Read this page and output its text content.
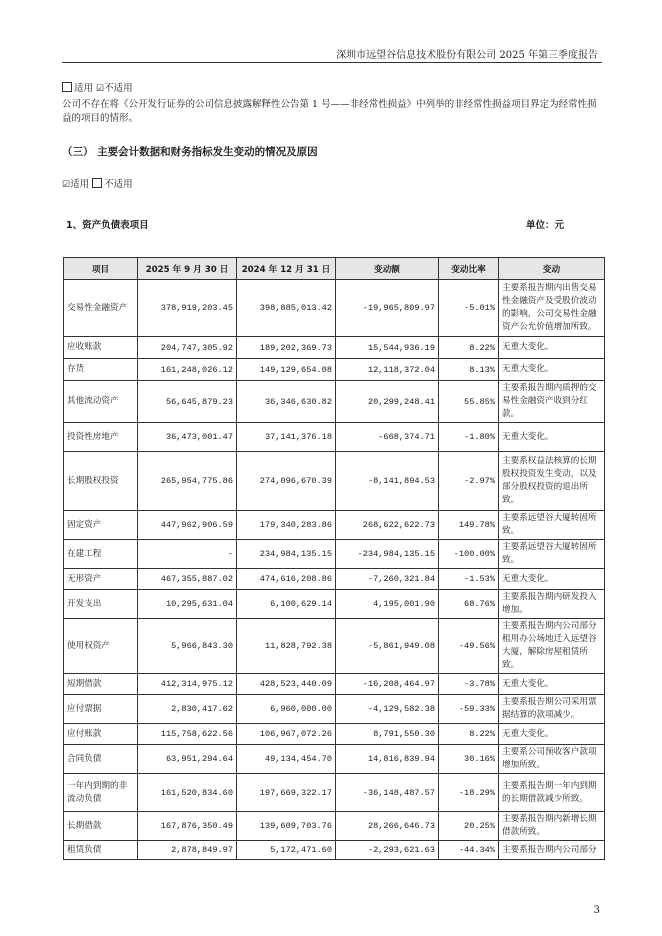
深圳市远望谷信息技术股份有限公司 2025 年第三季度报告
适用 ☑不适用
公司不存在将《公开发行证券的公司信息披露解释性公告第 1 号——非经常性损益》中列举的非经常性损益项目界定为经常性损益的项目的情形。
（三） 主要会计数据和财务指标发生变动的情况及原因
☑适用 不适用
1、资产负债表项目	单位：元
项目	2025 年 9 月 30 日	2024 年 12 月 31 日	变动额	变动比率	变动
交易性金融资产	378,919,203.45	398,885,013.42	-19,965,809.97	-5.01%	主要系报告期内出售交易性金融资产及受股价波动的影响，公司交易性金融资产公允价值增加所致。
应收账款	204,747,305.92	189,202,369.73	15,544,936.19	8.22%	无重大变化。
存货	161,248,026.12	149,129,654.08	12,118,372.04	8.13%	无重大变化。
其他流动资产	56,645,879.23	36,346,630.82	20,299,248.41	55.85%	主要系报告期内质押的交易性金融资产收到分红款。
投资性房地产	36,473,001.47	37,141,376.18	-668,374.71	-1.80%	无重大变化。
长期股权投资	265,954,775.86	274,096,670.39	-8,141,894.53	-2.97%	主要系权益法核算的长期股权投资发生变动，以及部分股权投资的退出所致。
固定资产	447,962,906.59	179,340,283.86	268,622,622.73	149.78%	主要系远望谷大厦转固所致。
在建工程	-	234,984,135.15	-234,984,135.15	-100.00%	主要系远望谷大厦转固所致。
无形资产	467,355,887.02	474,616,208.86	-7,260,321.84	-1.53%	无重大变化。
开发支出	10,295,631.04	6,100,629.14	4,195,001.90	68.76%	主要系报告期内研发投入增加。
使用权资产	5,966,843.30	11,828,792.38	-5,861,949.08	-49.56%	主要系报告期内公司部分租用办公场地迁入远望谷大厦，解除房屋租赁所致。
短期借款	412,314,975.12	428,523,440.09	-16,208,464.97	-3.78%	无重大变化。
应付票据	2,830,417.62	6,960,000.00	-4,129,582.38	-59.33%	主要系报告期公司采用票据结算的款项减少。
应付账款	115,758,622.56	106,967,072.26	8,791,550.30	8.22%	无重大变化。
合同负债	63,951,294.64	49,134,454.70	14,816,839.94	30.16%	主要系公司预收客户款项增加所致。
一年内到期的非流动负债	161,520,834.60	197,669,322.17	-36,148,487.57	-18.29%	主要系报告期一年内到期的长期借款减少所致。
长期借款	167,876,350.49	139,609,703.76	28,266,646.73	20.25%	主要系报告期内新增长期借款所致。
租赁负债	2,878,849.97	5,172,471.60	-2,293,621.63	-44.34%	主要系报告期内公司部分
3
